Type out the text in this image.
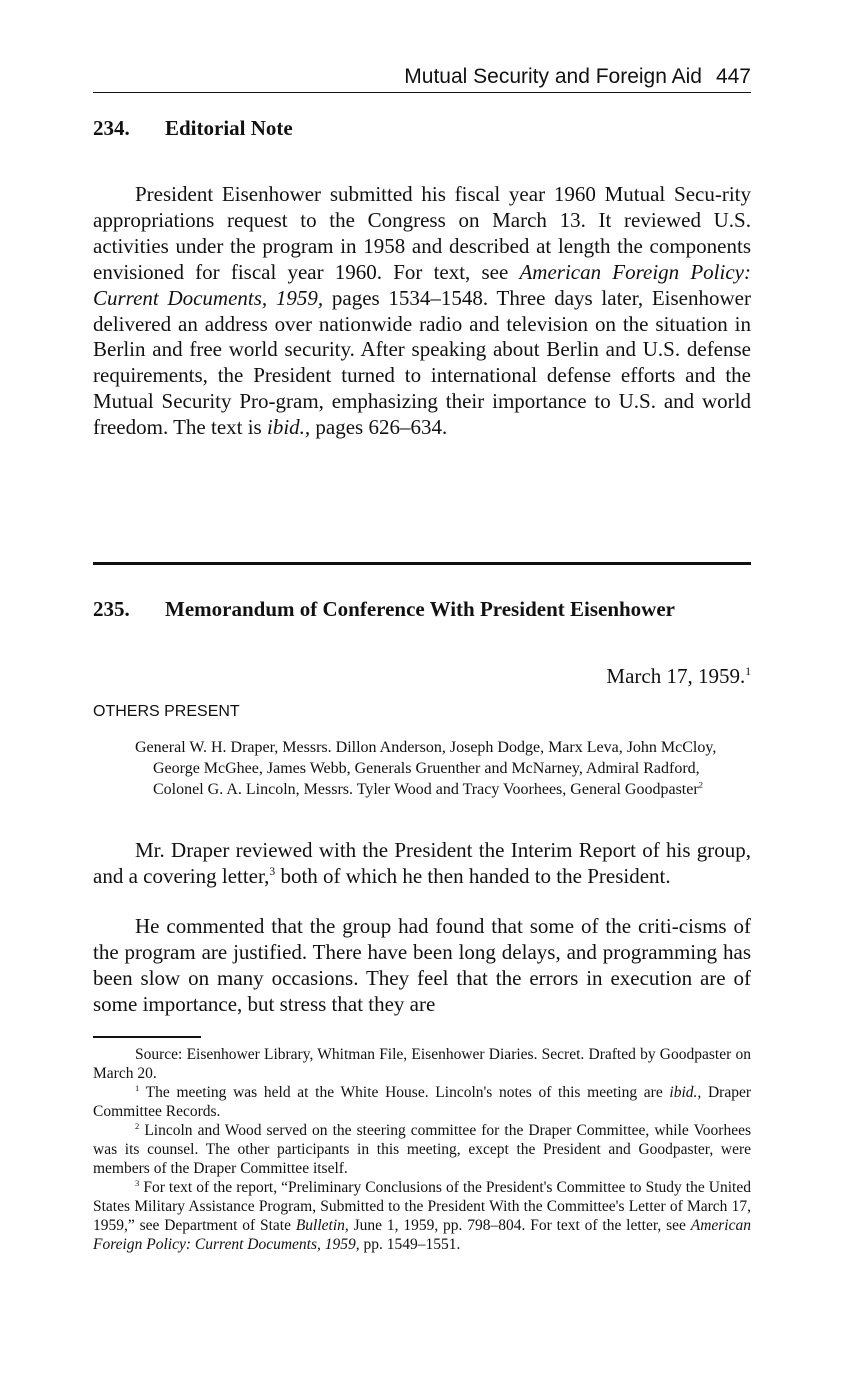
Mutual Security and Foreign Aid 447
234. Editorial Note

President Eisenhower submitted his fiscal year 1960 Mutual Secu-rity appropriations request to the Congress on March 13. It reviewed U.S. activities under the program in 1958 and described at length the components envisioned for fiscal year 1960. For text, see American Foreign Policy: Current Documents, 1959, pages 1534–1548. Three days later, Eisenhower delivered an address over nationwide radio and television on the situation in Berlin and free world security. After speaking about Berlin and U.S. defense requirements, the President turned to international defense efforts and the Mutual Security Pro-gram, emphasizing their importance to U.S. and world freedom. The text is ibid., pages 626–634.

235. Memorandum of Conference With President Eisenhower
March 17, 1959.$^1$
OTHERS PRESENT

General W. H. Draper, Messrs. Dillon Anderson, Joseph Dodge, Marx Leva, John McCloy, George McGhee, James Webb, Generals Gruenther and McNarney, Admiral Radford, Colonel G. A. Lincoln, Messrs. Tyler Wood and Tracy Voorhees, General Goodpaster$^2$

Mr. Draper reviewed with the President the Interim Report of his group, and a covering letter,$^3$ both of which he then handed to the President.

He commented that the group had found that some of the criti-cisms of the program are justified. There have been long delays, and programming has been slow on many occasions. They feel that the errors in execution are of some importance, but stress that they are

Source: Eisenhower Library, Whitman File, Eisenhower Diaries. Secret. Drafted by Goodpaster on March 20.

$^1$ The meeting was held at the White House. Lincoln's notes of this meeting are ibid., Draper Committee Records.

$^2$ Lincoln and Wood served on the steering committee for the Draper Committee, while Voorhees was its counsel. The other participants in this meeting, except the President and Goodpaster, were members of the Draper Committee itself.

$^3$ For text of the report, “Preliminary Conclusions of the President's Committee to Study the United States Military Assistance Program, Submitted to the President With the Committee's Letter of March 17, 1959,” see Department of State Bulletin, June 1, 1959, pp. 798–804. For text of the letter, see American Foreign Policy: Current Documents, 1959, pp. 1549–1551.
